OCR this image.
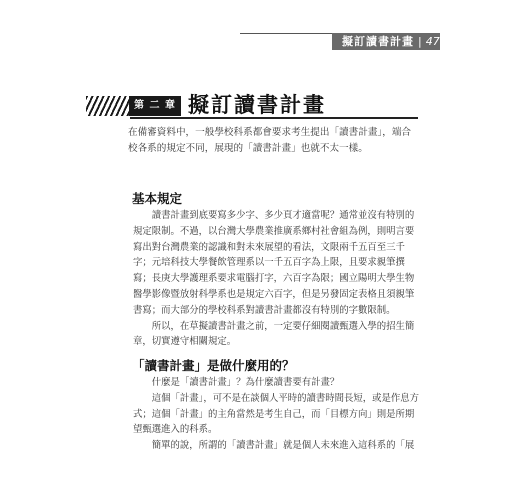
擬訂讀書計畫 | 47
第 二 章 擬訂讀書計畫

在備審資料中，一般學校科系都會要求考生提出「讀書計畫」，端合校各系的規定不同，展現的「讀書計畫」也就不太一樣。

基本規定

讀書計畫到底要寫多少字、多少頁才適當呢？通常並沒有特別的規定限制。不過，以台灣大學農業推廣系鄉村社會組為例，則明言要寫出對台灣農業的認識和對未來展望的看法，文限兩千五百至三千字；元培科技大學餐飲管理系以一千五百字為上限，且要求親筆撰寫；長庚大學護理系要求電腦打字，六百字為限；國立陽明大學生物醫學影像暨放射科學系也是規定六百字，但是另發固定表格且須親筆書寫；而大部分的學校科系對讀書計畫都沒有特別的字數限制。

所以，在草擬讀書計畫之前，一定要仔細閱讀甄選入學的招生簡章，切實遵守相關規定。

「讀書計畫」是做什麼用的？

什麼是「讀書計畫」？為什麼讀書要有計畫？

這個「計畫」，可不是在談個人平時的讀書時間長短，或是作息方式；這個「計畫」的主角當然是考生自己，而「目標方向」則是所期望甄選進入的科系。

簡單的說，所謂的「讀書計畫」就是個人未來進入這科系的「展
